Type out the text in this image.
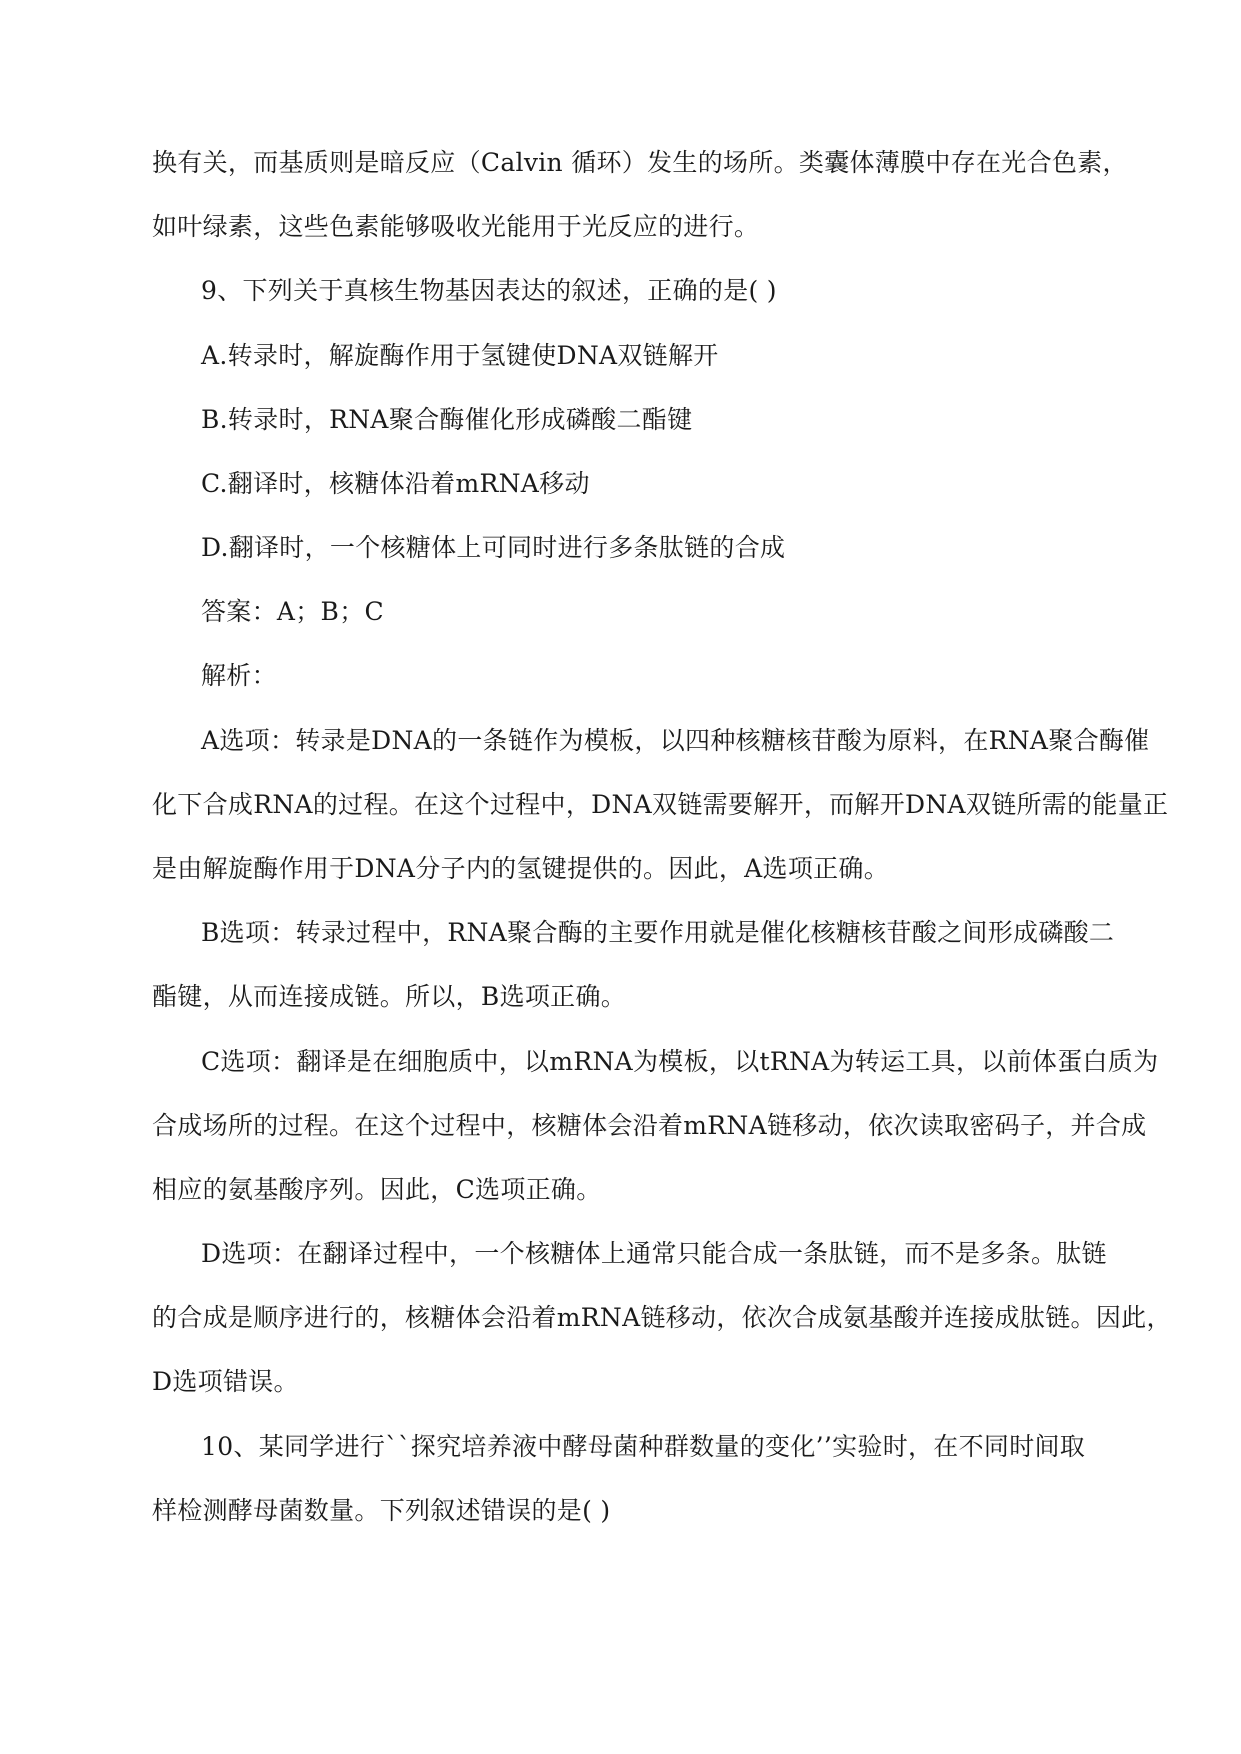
换有关，而基质则是暗反应（Calvin 循环）发生的场所。类囊体薄膜中存在光合色素，
如叶绿素，这些色素能够吸收光能用于光反应的进行。
9、下列关于真核生物基因表达的叙述，正确的是( )
A.转录时，解旋酶作用于氢键使DNA双链解开
B.转录时，RNA聚合酶催化形成磷酸二酯键
C.翻译时，核糖体沿着mRNA移动
D.翻译时，一个核糖体上可同时进行多条肽链的合成
答案：A；B；C
解析：
A选项：转录是DNA的一条链作为模板，以四种核糖核苷酸为原料，在RNA聚合酶催
化下合成RNA的过程。在这个过程中，DNA双链需要解开，而解开DNA双链所需的能量正
是由解旋酶作用于DNA分子内的氢键提供的。因此，A选项正确。
B选项：转录过程中，RNA聚合酶的主要作用就是催化核糖核苷酸之间形成磷酸二
酯键，从而连接成链。所以，B选项正确。
C选项：翻译是在细胞质中，以mRNA为模板，以tRNA为转运工具，以前体蛋白质为
合成场所的过程。在这个过程中，核糖体会沿着mRNA链移动，依次读取密码子，并合成
相应的氨基酸序列。因此，C选项正确。
D选项：在翻译过程中，一个核糖体上通常只能合成一条肽链，而不是多条。肽链
的合成是顺序进行的，核糖体会沿着mRNA链移动，依次合成氨基酸并连接成肽链。因此，
D选项错误。
10、某同学进行``探究培养液中酵母菌种群数量的变化’’实验时，在不同时间取
样检测酵母菌数量。下列叙述错误的是( )
